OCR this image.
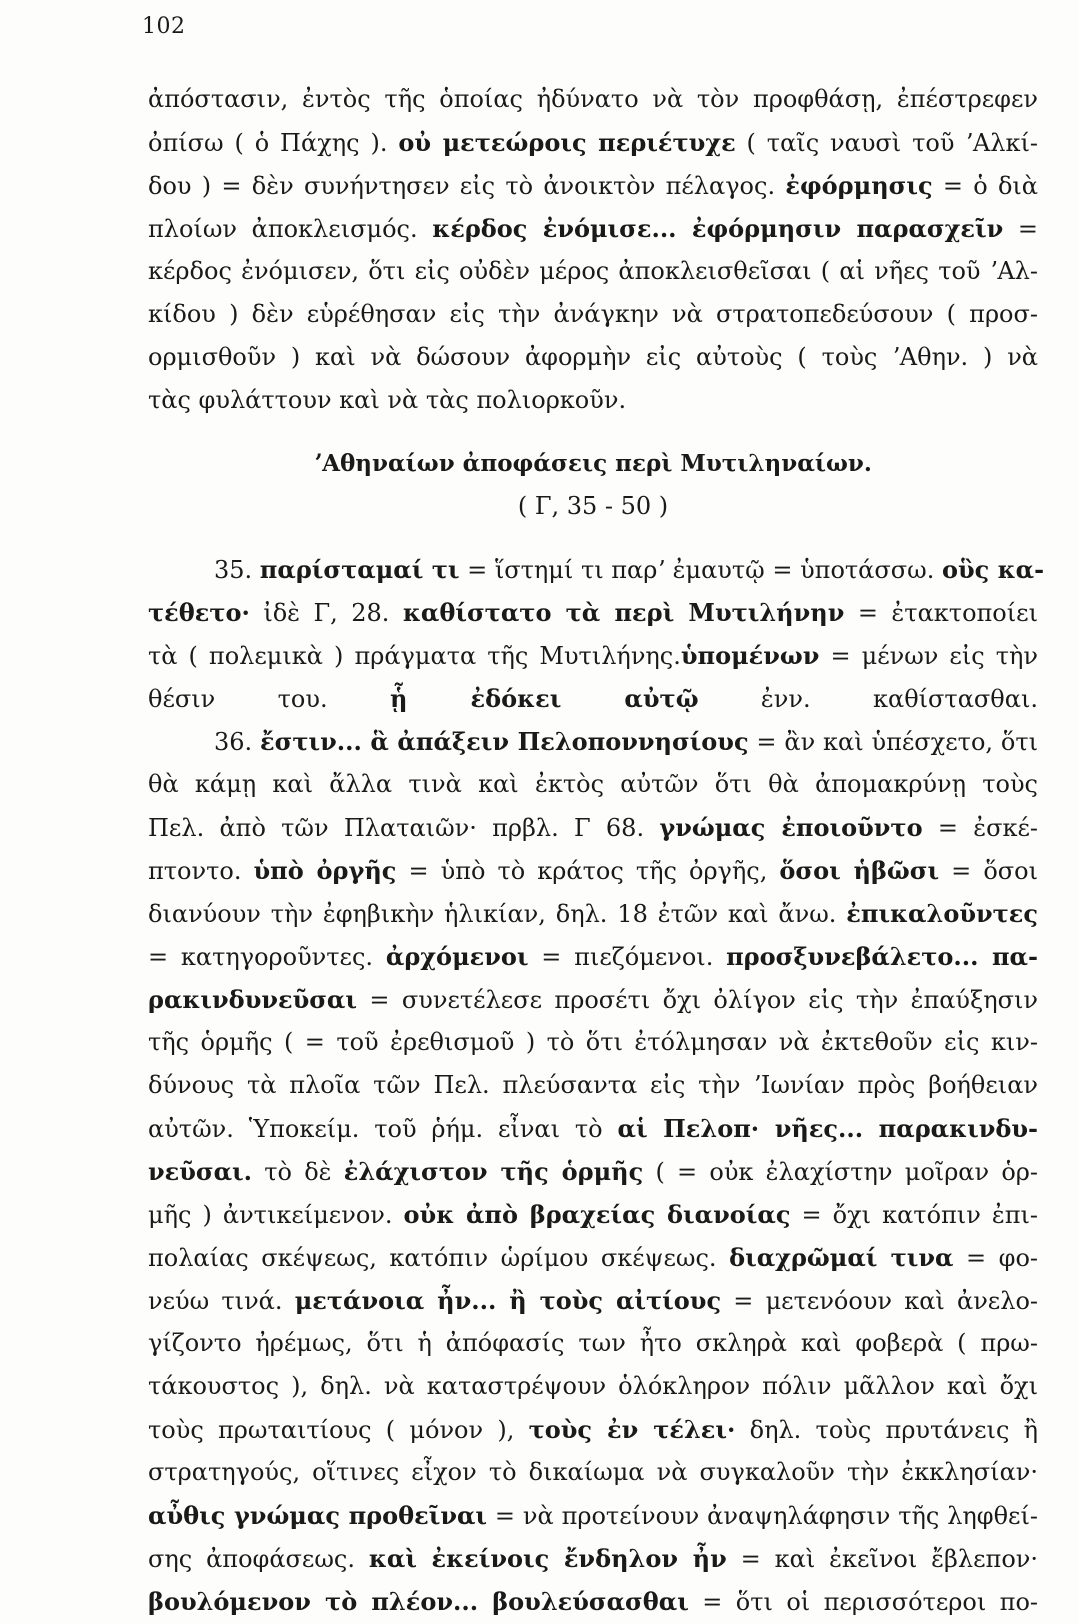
102
ἀπόστασιν, ἐντὸς τῆς ὁποίας ἠδύνατο νὰ τὸν προφθάσῃ, ἐπέστρεφεν
ὀπίσω ( ὁ Πάχης ). οὐ μετεώροις περιέτυχε ( ταῖς ναυσὶ τοῦ ʼΑλκί-
δου ) = δὲν συνήντησεν εἰς τὸ ἀνοικτὸν πέλαγος. ἐφόρμησις = ὁ διὰ
πλοίων ἀποκλεισμός. κέρδος ἐνόμισε... ἐφόρμησιν παρασχεῖν =
κέρδος ἐνόμισεν, ὅτι εἰς οὐδὲν μέρος ἀποκλεισθεῖσαι ( αἱ νῆες τοῦ ʼΑλ-
κίδου ) δὲν εὑρέθησαν εἰς τὴν ἀνάγκην νὰ στρατοπεδεύσουν ( προσ-
ορμισθοῦν ) καὶ νὰ δώσουν ἀφορμὴν εἰς αὐτοὺς ( τοὺς ʼΑθην. ) νὰ
τὰς φυλάττουν καὶ νὰ τὰς πολιορκοῦν.
ʼΑθηναίων ἀποφάσεις περὶ Μυτιληναίων.
( Γ, 35 - 50 )
35. παρίσταμαί τι = ἵστημί τι παρʼ ἐμαυτῷ = ὑποτάσσω. οὓς κα-
τέθετο· ἰδὲ Γ, 28. καθίστατο τὰ περὶ Μυτιλήνην = ἐτακτοποίει
τὰ ( πολεμικὰ ) πράγματα τῆς Μυτιλήνης.ὑπομένων = μένων εἰς τὴν
θέσιν του. ᾗ ἐδόκει αὐτῷ ἐνν. καθίστασθαι.
36. ἔστιν... ἃ ἀπάξειν Πελοποννησίους = ἂν καὶ ὑπέσχετο, ὅτι
θὰ κάμῃ καὶ ἄλλα τινὰ καὶ ἐκτὸς αὐτῶν ὅτι θὰ ἀπομακρύνῃ τοὺς
Πελ. ἀπὸ τῶν Πλαταιῶν· πρβλ. Γ 68. γνώμας ἐποιοῦντο = ἐσκέ-
πτοντο. ὑπὸ ὀργῆς = ὑπὸ τὸ κράτος τῆς ὀργῆς, ὅσοι ἡβῶσι = ὅσοι
διανύουν τὴν ἐφηβικὴν ἡλικίαν, δηλ. 18 ἐτῶν καὶ ἄνω. ἐπικαλοῦντες
= κατηγοροῦντες. ἀρχόμενοι = πιεζόμενοι. προσξυνεβάλετο... πα-
ρακινδυνεῦσαι = συνετέλεσε προσέτι ὄχι ὀλίγον εἰς τὴν ἐπαύξησιν
τῆς ὁρμῆς ( = τοῦ ἐρεθισμοῦ ) τὸ ὅτι ἐτόλμησαν νὰ ἐκτεθοῦν εἰς κιν-
δύνους τὰ πλοῖα τῶν Πελ. πλεύσαντα εἰς τὴν ʼΙωνίαν πρὸς βοήθειαν
αὐτῶν. Ὑποκείμ. τοῦ ῥήμ. εἶναι τὸ αἱ Πελοπ· νῆες... παρακινδυ-
νεῦσαι. τὸ δὲ ἐλάχιστον τῆς ὁρμῆς ( = οὐκ ἐλαχίστην μοῖραν ὁρ-
μῆς ) ἀντικείμενον. οὐκ ἀπὸ βραχείας διανοίας = ὄχι κατόπιν ἐπι-
πολαίας σκέψεως, κατόπιν ὡρίμου σκέψεως. διαχρῶμαί τινα = φο-
νεύω τινά. μετάνοια ἦν... ἢ τοὺς αἰτίους = μετενόουν καὶ ἀνελο-
γίζοντο ἠρέμως, ὅτι ἡ ἀπόφασίς των ἦτο σκληρὰ καὶ φοβερὰ ( πρω-
τάκουστος ), δηλ. νὰ καταστρέψουν ὁλόκληρον πόλιν μᾶλλον καὶ ὄχι
τοὺς πρωταιτίους ( μόνον ), τοὺς ἐν τέλει· δηλ. τοὺς πρυτάνεις ἢ
στρατηγούς, οἵτινες εἶχον τὸ δικαίωμα νὰ συγκαλοῦν τὴν ἐκκλησίαν·
αὖθις γνώμας προθεῖναι = νὰ προτείνουν ἀναψηλάφησιν τῆς ληφθεί-
σης ἀποφάσεως. καὶ ἐκείνοις ἔνδηλον ἦν = καὶ ἐκεῖνοι ἔβλεπον·
βουλόμενον τὸ πλέον... βουλεύσασθαι = ὅτι οἱ περισσότεροι πο-
